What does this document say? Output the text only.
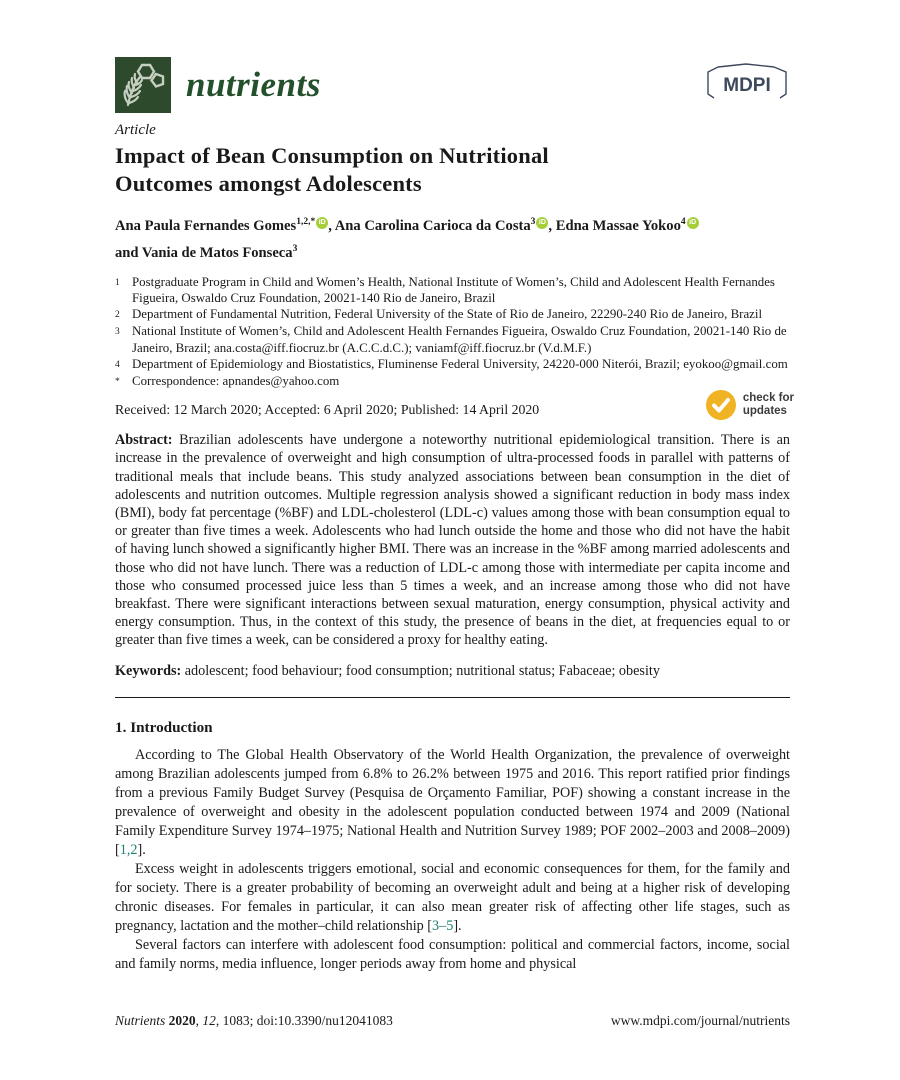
nutrients	MDPI
Article
Impact of Bean Consumption on Nutritional
Outcomes amongst Adolescents
Ana Paula Fernandes Gomes$^{1,2,*}$ iD , Ana Carolina Carioca da Costa$^3$ iD , Edna Massae Yokoo$^4$ iD
and Vania de Matos Fonseca$^3$
1 Postgraduate Program in Child and Women’s Health, National Institute of Women’s, Child and Adolescent Health Fernandes Figueira, Oswaldo Cruz Foundation, 20021-140 Rio de Janeiro, Brazil
2 Department of Fundamental Nutrition, Federal University of the State of Rio de Janeiro, 22290-240 Rio de Janeiro, Brazil
3 National Institute of Women’s, Child and Adolescent Health Fernandes Figueira, Oswaldo Cruz Foundation, 20021-140 Rio de Janeiro, Brazil; ana.costa@iff.fiocruz.br (A.C.C.d.C.); vaniamf@iff.fiocruz.br (V.d.M.F.)
4 Department of Epidemiology and Biostatistics, Fluminense Federal University, 24220-000 Niterói, Brazil; eyokoo@gmail.com
* Correspondence: apnandes@yahoo.com
Received: 12 March 2020; Accepted: 6 April 2020; Published: 14 April 2020
check for
updates

Abstract: Brazilian adolescents have undergone a noteworthy nutritional epidemiological transition. There is an increase in the prevalence of overweight and high consumption of ultra-processed foods in parallel with patterns of traditional meals that include beans. This study analyzed associations between bean consumption in the diet of adolescents and nutrition outcomes. Multiple regression analysis showed a significant reduction in body mass index (BMI), body fat percentage (%BF) and LDL-cholesterol (LDL-c) values among those with bean consumption equal to or greater than five times a week. Adolescents who had lunch outside the home and those who did not have the habit of having lunch showed a significantly higher BMI. There was an increase in the %BF among married adolescents and those who did not have lunch. There was a reduction of LDL-c among those with intermediate per capita income and those who consumed processed juice less than 5 times a week, and an increase among those who did not have breakfast. There were significant interactions between sexual maturation, energy consumption, physical activity and energy consumption. Thus, in the context of this study, the presence of beans in the diet, at frequencies equal to or greater than five times a week, can be considered a proxy for healthy eating.

Keywords: adolescent; food behaviour; food consumption; nutritional status; Fabaceae; obesity

1. Introduction

According to The Global Health Observatory of the World Health Organization, the prevalence of overweight among Brazilian adolescents jumped from 6.8% to 26.2% between 1975 and 2016. This report ratified prior findings from a previous Family Budget Survey (Pesquisa de Orçamento Familiar, POF) showing a constant increase in the prevalence of overweight and obesity in the adolescent population conducted between 1974 and 2009 (National Family Expenditure Survey 1974–1975; National Health and Nutrition Survey 1989; POF 2002–2003 and 2008–2009) [1,2].

Excess weight in adolescents triggers emotional, social and economic consequences for them, for the family and for society. There is a greater probability of becoming an overweight adult and being at a higher risk of developing chronic diseases. For females in particular, it can also mean greater risk of affecting other life stages, such as pregnancy, lactation and the mother–child relationship [3–5].

Several factors can interfere with adolescent food consumption: political and commercial factors, income, social and family norms, media influence, longer periods away from home and physical

Nutrients 2020, 12, 1083; doi:10.3390/nu12041083	www.mdpi.com/journal/nutrients
